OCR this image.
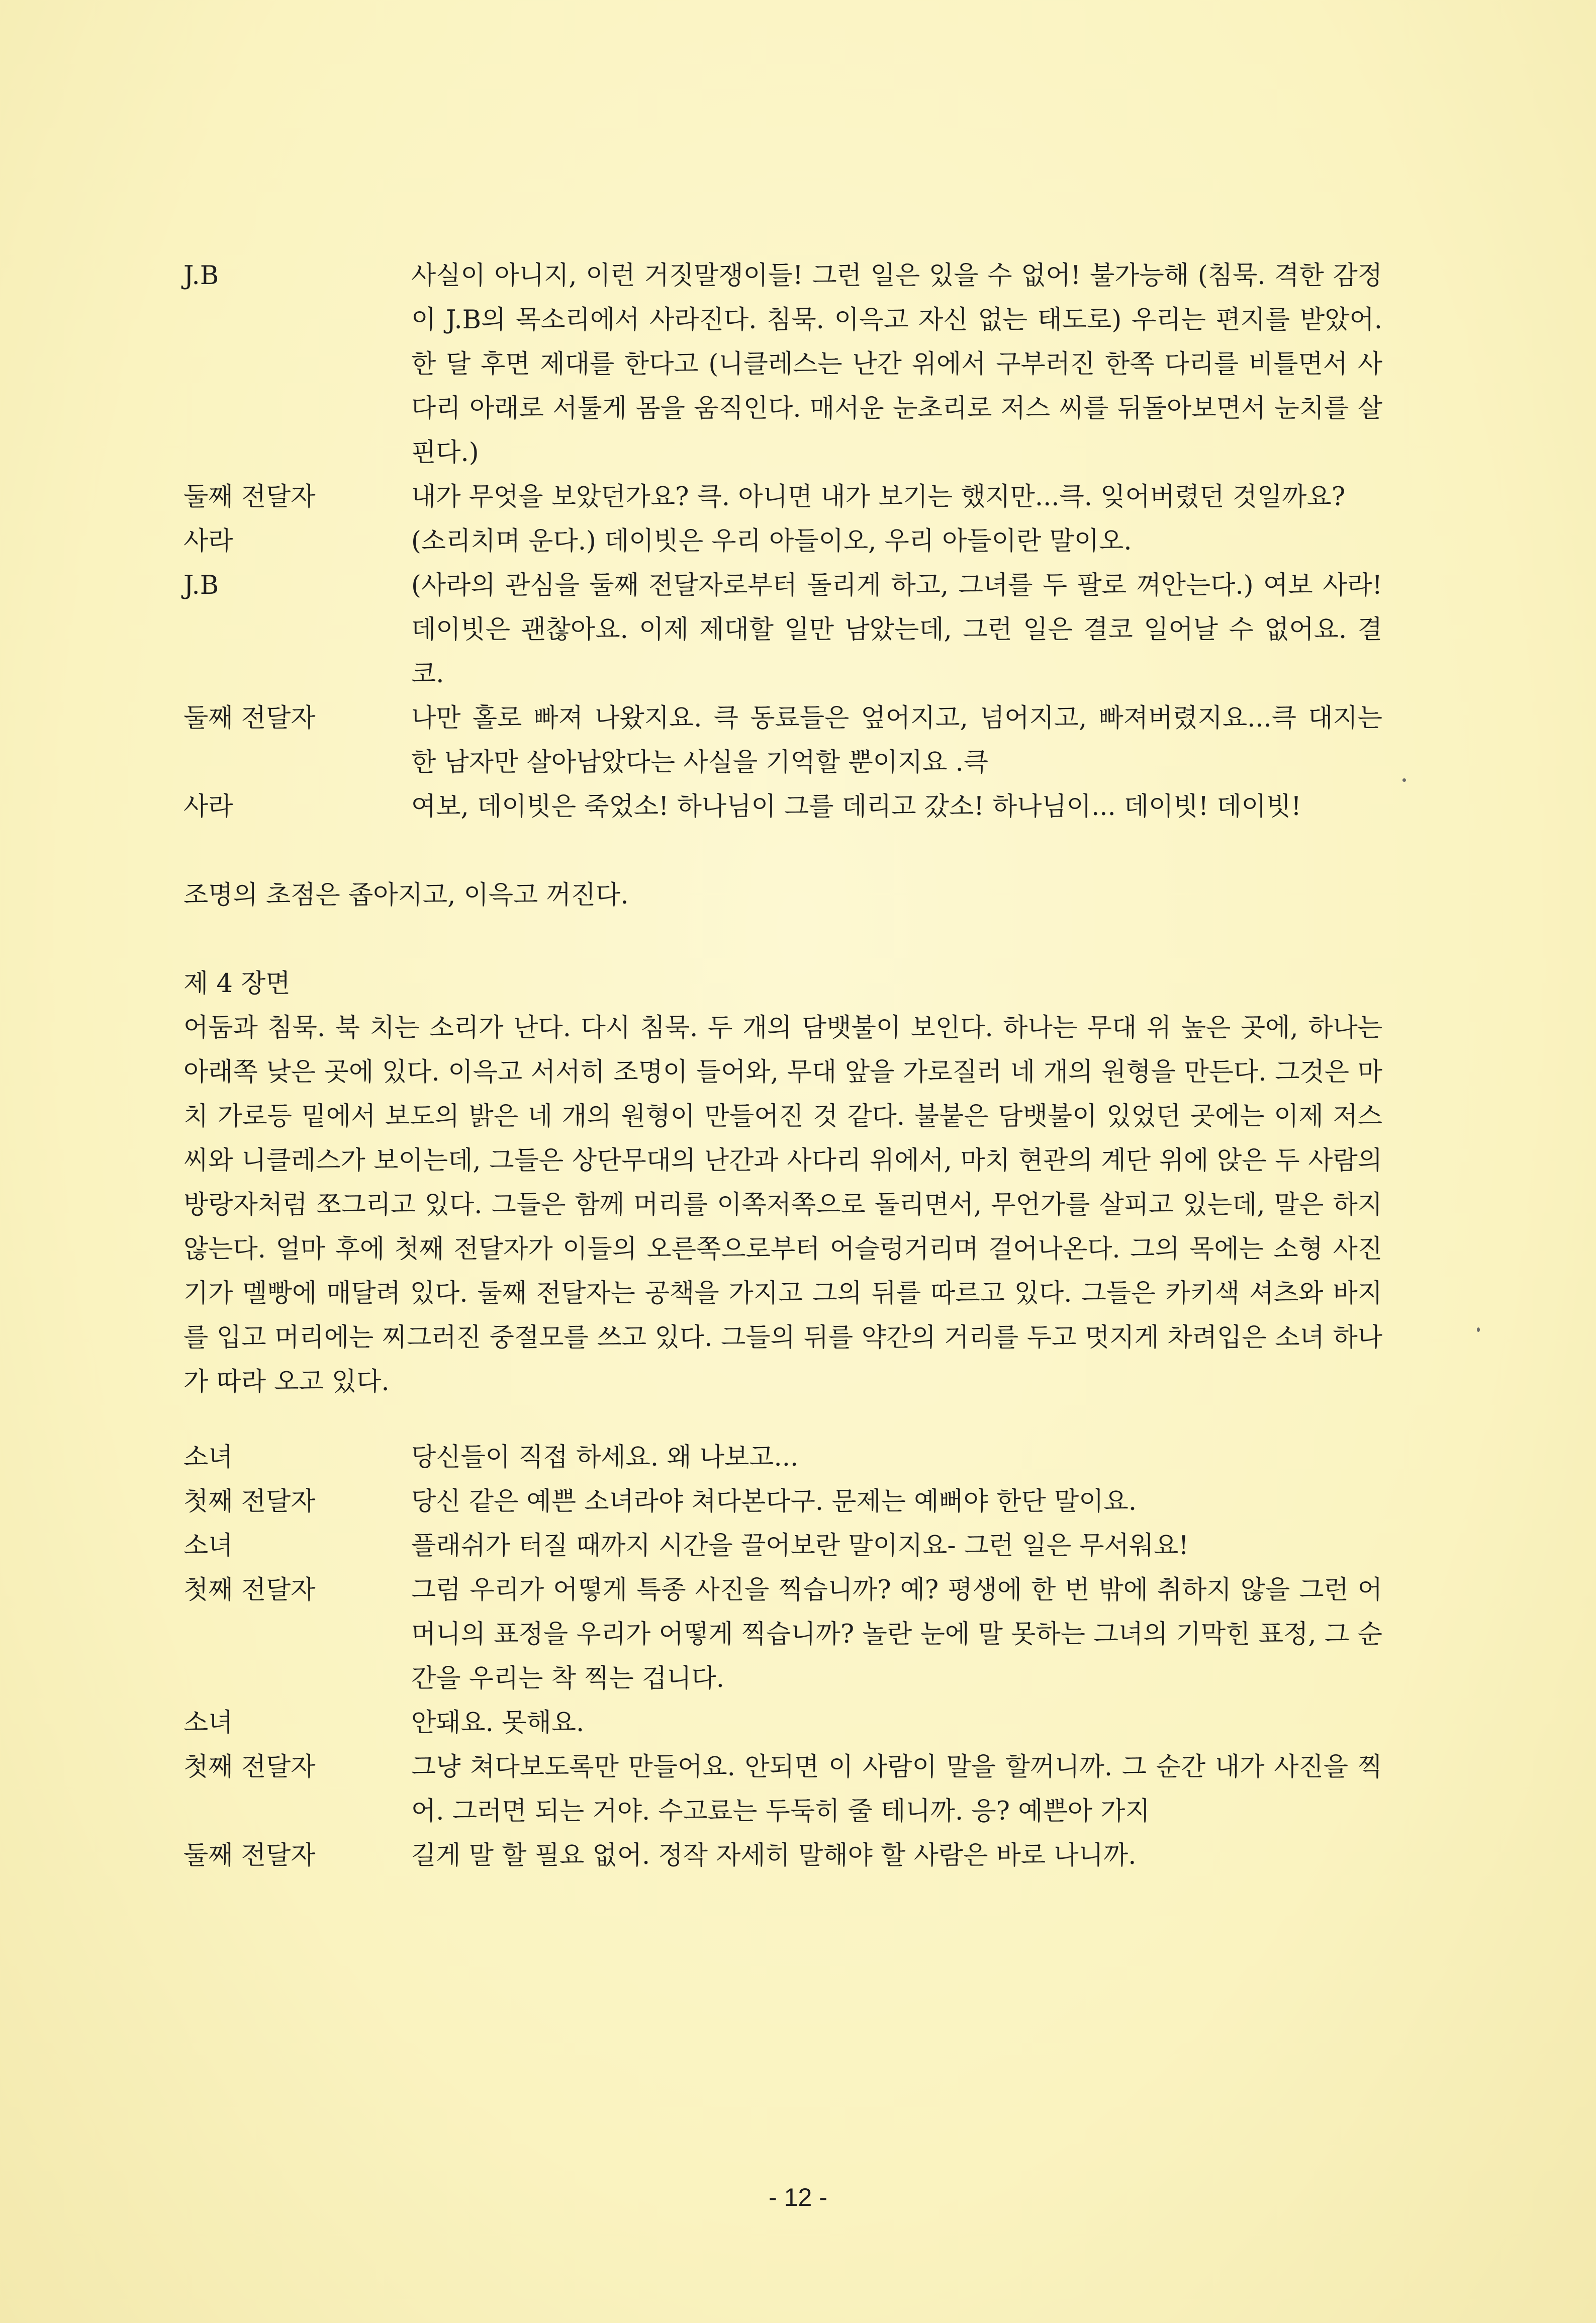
J.B	사실이 아니지, 이런 거짓말쟁이들! 그런 일은 있을 수 없어! 불가능해 (침묵. 격한 감정이 J.B의 목소리에서 사라진다. 침묵. 이윽고 자신 없는 태도로) 우리는 편지를 받았어. 한 달 후면 제대를 한다고 (니클레스는 난간 위에서 구부러진 한쪽 다리를 비틀면서 사다리 아래로 서툴게 몸을 움직인다. 매서운 눈초리로 저스 씨를 뒤돌아보면서 눈치를 살핀다.)
둘째 전달자	내가 무엇을 보았던가요? 큭. 아니면 내가 보기는 했지만...큭. 잊어버렸던 것일까요?
사라	(소리치며 운다.) 데이빗은 우리 아들이오, 우리 아들이란 말이오.
J.B	(사라의 관심을 둘째 전달자로부터 돌리게 하고, 그녀를 두 팔로 껴안는다.) 여보 사라! 데이빗은 괜찮아요. 이제 제대할 일만 남았는데, 그런 일은 결코 일어날 수 없어요. 결코.
둘째 전달자	나만 홀로 빠져 나왔지요. 큭 동료들은 엎어지고, 넘어지고, 빠져버렸지요...큭 대지는 한 남자만 살아남았다는 사실을 기억할 뿐이지요 .큭
사라	여보, 데이빗은 죽었소! 하나님이 그를 데리고 갔소! 하나님이... 데이빗! 데이빗!
조명의 초점은 좁아지고, 이윽고 꺼진다.
제 4 장면
어둠과 침묵. 북 치는 소리가 난다. 다시 침묵. 두 개의 담뱃불이 보인다. 하나는 무대 위 높은 곳에, 하나는 아래쪽 낮은 곳에 있다. 이윽고 서서히 조명이 들어와, 무대 앞을 가로질러 네 개의 원형을 만든다. 그것은 마치 가로등 밑에서 보도의 밝은 네 개의 원형이 만들어진 것 같다. 불붙은 담뱃불이 있었던 곳에는 이제 저스 씨와 니클레스가 보이는데, 그들은 상단무대의 난간과 사다리 위에서, 마치 현관의 계단 위에 앉은 두 사람의 방랑자처럼 쪼그리고 있다. 그들은 함께 머리를 이쪽저쪽으로 돌리면서, 무언가를 살피고 있는데, 말은 하지 않는다. 얼마 후에 첫째 전달자가 이들의 오른쪽으로부터 어슬렁거리며 걸어나온다. 그의 목에는 소형 사진기가 멜빵에 매달려 있다. 둘째 전달자는 공책을 가지고 그의 뒤를 따르고 있다. 그들은 카키색 셔츠와 바지를 입고 머리에는 찌그러진 중절모를 쓰고 있다. 그들의 뒤를 약간의 거리를 두고 멋지게 차려입은 소녀 하나가 따라 오고 있다.
소녀	당신들이 직접 하세요. 왜 나보고...
첫째 전달자	당신 같은 예쁜 소녀라야 쳐다본다구. 문제는 예뻐야 한단 말이요.
소녀	플래쉬가 터질 때까지 시간을 끌어보란 말이지요- 그런 일은 무서워요!
첫째 전달자	그럼 우리가 어떻게 특종 사진을 찍습니까? 예? 평생에 한 번 밖에 취하지 않을 그런 어머니의 표정을 우리가 어떻게 찍습니까? 놀란 눈에 말 못하는 그녀의 기막힌 표정, 그 순간을 우리는 착 찍는 겁니다.
소녀	안돼요. 못해요.
첫째 전달자	그냥 쳐다보도록만 만들어요. 안되면 이 사람이 말을 할꺼니까. 그 순간 내가 사진을 찍어. 그러면 되는 거야. 수고료는 두둑히 줄 테니까. 응? 예쁜아 가지
둘째 전달자	길게 말 할 필요 없어. 정작 자세히 말해야 할 사람은 바로 나니까.
- 12 -
